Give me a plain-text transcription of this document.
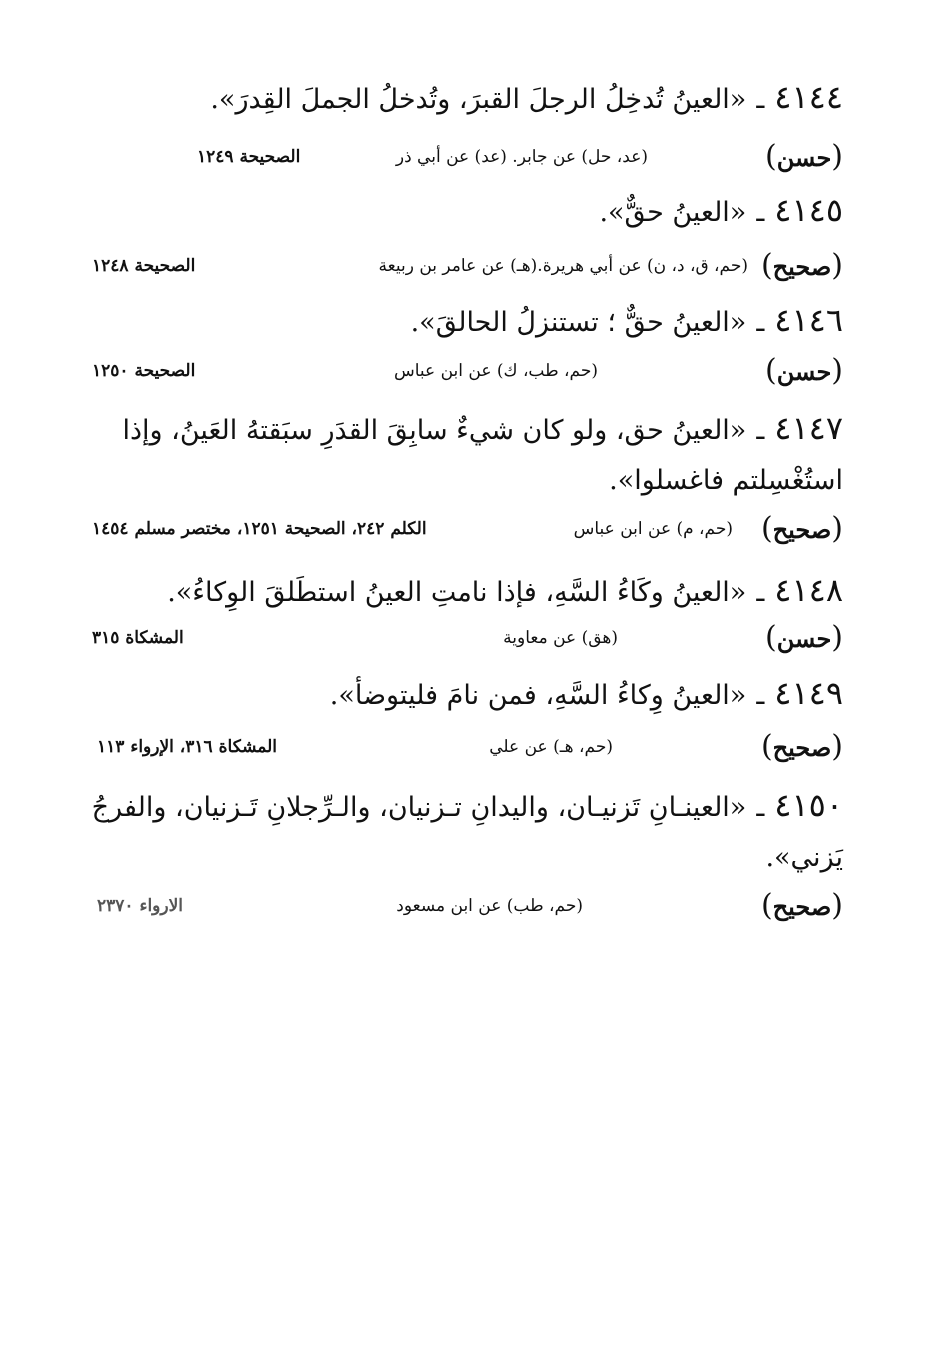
٤١٤٤ـ«العينُ تُدخِلُ الرجلَ القبرَ، وتُدخلُ الجملَ القِدرَ».
(حسن)
(عد، حل) عن جابر. (عد) عن أبي ذر
الصحيحة ١٢٤٩
٤١٤٥ـ«العينُ حقٌّ».
(صحيح)
(حم، ق، د، ن) عن أبي هريرة.(هـ) عن عامر بن ربيعة
الصحيحة ١٢٤٨
٤١٤٦ـ«العينُ حقٌّ ؛ تستنزلُ الحالقَ».
(حسن)
(حم، طب، ك) عن ابن عباس
الصحيحة ١٢٥٠
٤١٤٧ـ«العينُ حق، ولو كان شيءٌ سابِقَ القدَرِ سبَقتهُ العَينُ، وإذا استُغْسِلتم فاغسلوا».
(صحيح)
(حم، م) عن ابن عباس
الكلم ٢٤٢، الصحيحة ١٢٥١، مختصر مسلم ١٤٥٤
٤١٤٨ـ«العينُ وكَاءُ السَّهِ، فإذا نامتِ العينُ استطَلقَ الوِكاءُ».
(حسن)
(هق) عن معاوية
المشكاة ٣١٥
٤١٤٩ـ«العينُ وِكاءُ السَّهِ، فمن نامَ فليتوضأ».
(صحيح)
(حم، هـ) عن علي
المشكاة ٣١٦، الإرواء ١١٣
٤١٥٠ـ«العينـانِ تَزنيـان، واليدانِ تـزنيان، والـرِّجلانِ تَـزنيان، والفرجُ يَزني».
(صحيح)
(حم، طب) عن ابن مسعود
الارواء ٢٣٧٠
